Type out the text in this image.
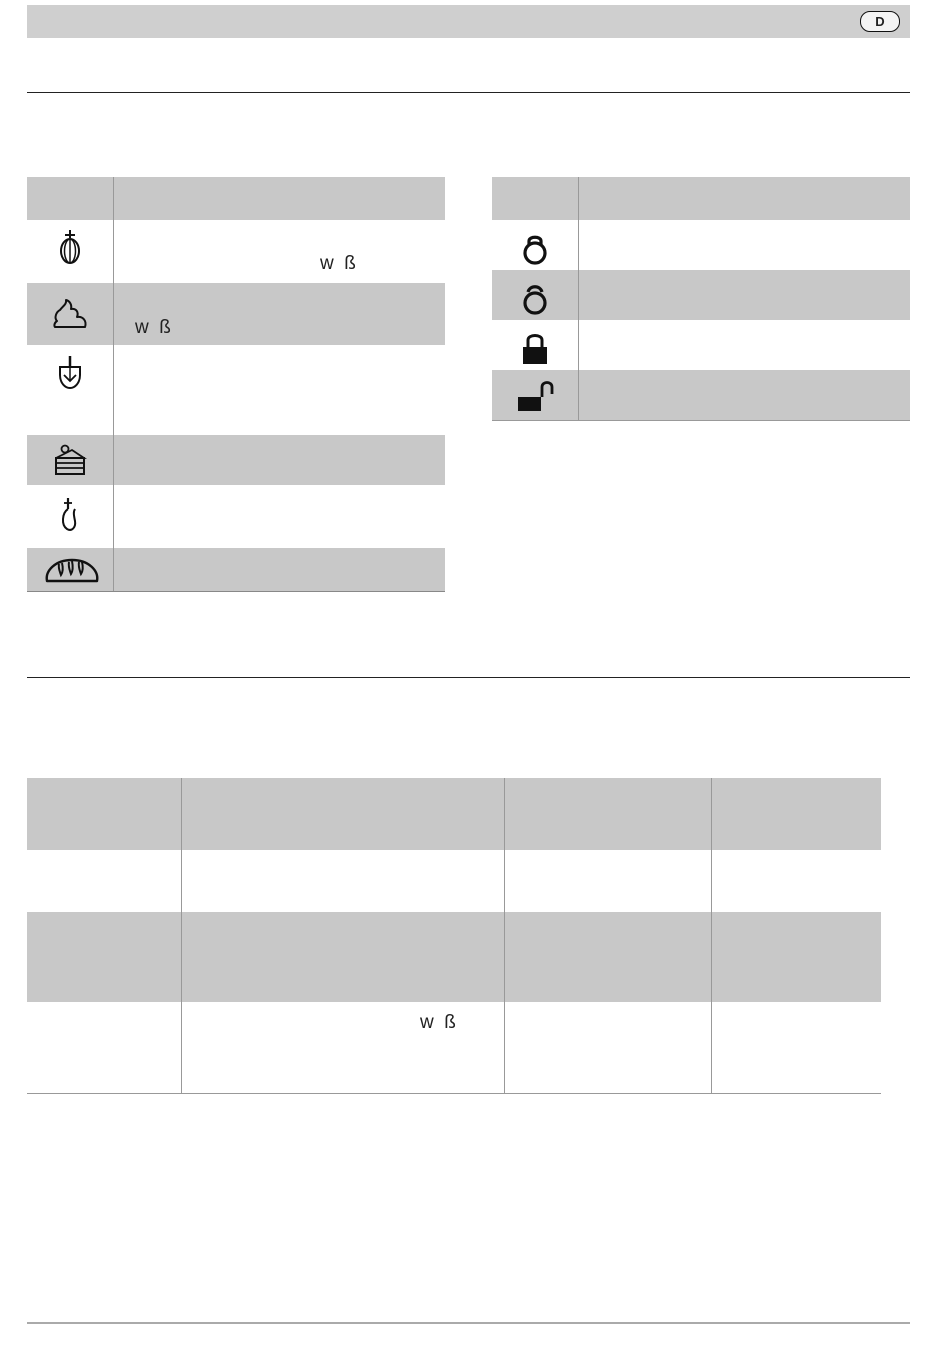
D
w  ß
w  ß
w  ß
